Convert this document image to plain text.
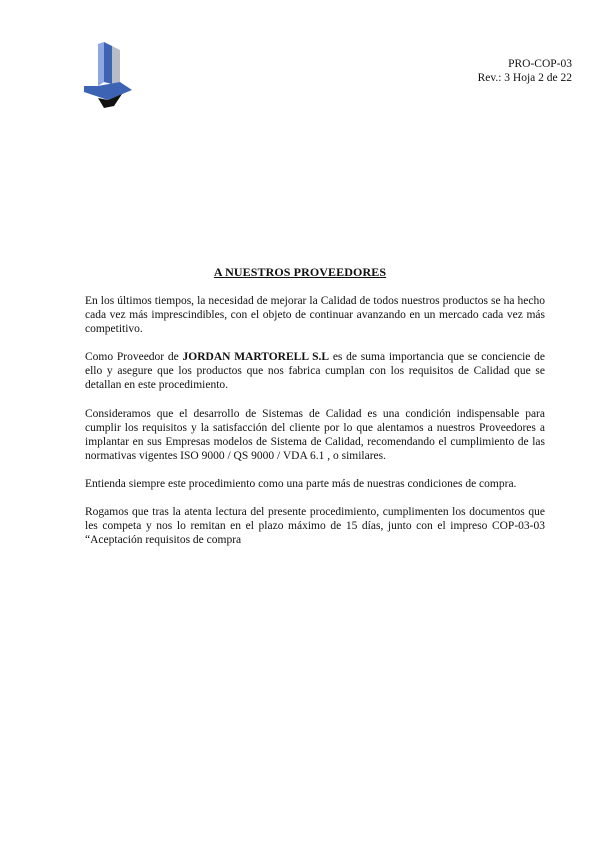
PRO-COP-03
Rev.: 3 Hoja 2 de 22
A NUESTROS PROVEEDORES

En los últimos tiempos, la necesidad de mejorar la Calidad de todos nuestros productos se ha hecho cada vez más imprescindibles, con el objeto de continuar avanzando en un mercado cada vez más competitivo.

Como Proveedor de JORDAN MARTORELL S.L es de suma importancia que se conciencie de ello y asegure que los productos que nos fabrica cumplan con los requisitos de Calidad que se detallan en este procedimiento.

Consideramos que el desarrollo de Sistemas de Calidad es una condición indispensable para cumplir los requisitos y la satisfacción del cliente por lo que alentamos a nuestros Proveedores a implantar en sus Empresas modelos de Sistema de Calidad, recomendando el cumplimiento de las normativas vigentes ISO 9000 / QS 9000 / VDA 6.1 , o similares.

Entienda siempre este procedimiento como una parte más de nuestras condiciones de compra.

Rogamos que tras la atenta lectura del presente procedimiento, cumplimenten los documentos que les competa y nos lo remitan en el plazo máximo de 15 días, junto con el impreso COP-03-03 “Aceptación requisitos de compra
